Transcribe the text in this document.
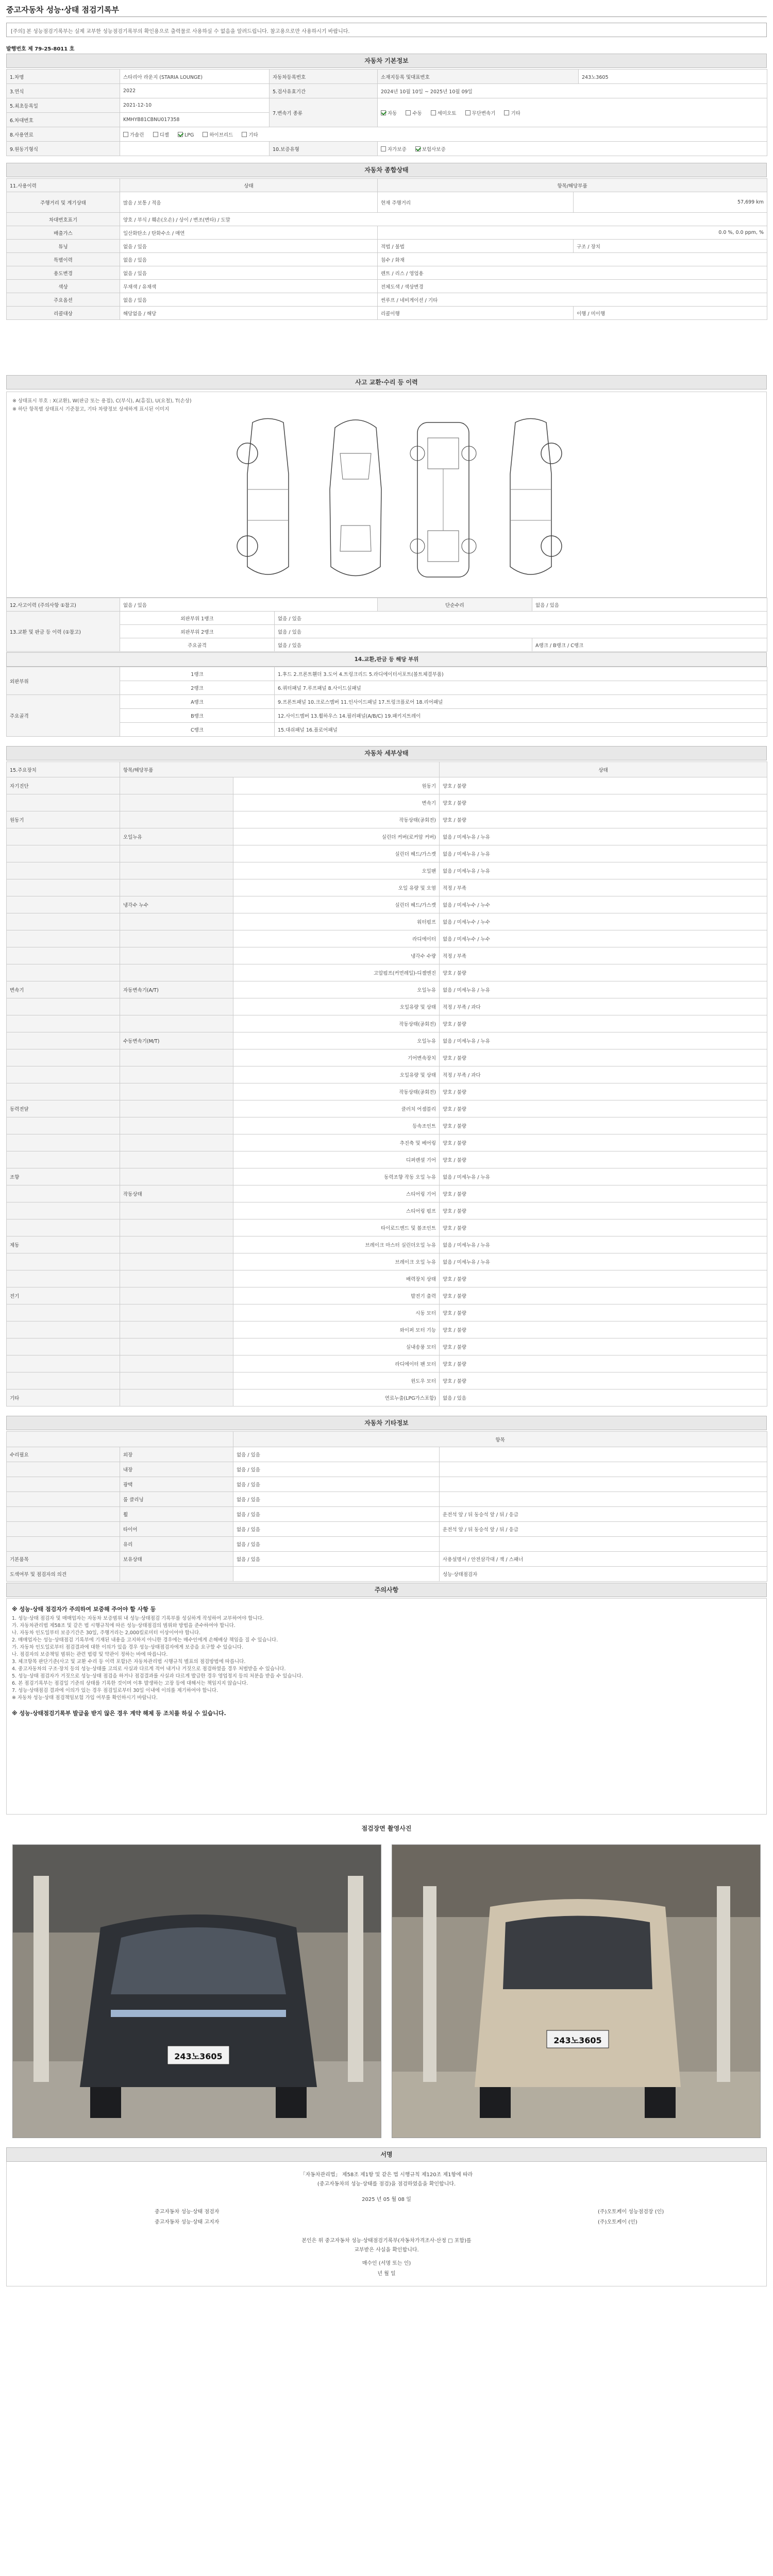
중고자동차 성능·상태 점검기록부
[주의] 본 성능점검기록부는 실제 교부한 성능점검기록부의 확인용으로 출력물로 사용하실 수 없음을 알려드립니다. 참고용으로만 사용하시기 바랍니다.
발행번호 제 79-25-8011 호
자동차 기본정보
1.차명	스타리아 라운지 (STARIA LOUNGE)	자동차등록번호	소재지등록 및대표번호	243노3605
3.연식	2022	5.검사유효기간	2024년 10월 10일 ~ 2025년 10월 09일	
5.최초등록일	2021-12-10	7.변속기 종류	자동 수동 세미오토 무단변속기 기타	
6.차대번호	KMHYB81CBNU017358			
8.사용연료	가솔린 디젤 LPG 하이브리드 기타			
9.원동기형식		10.보증유형	자가보증 보험사보증	
자동차 종합상태
11.사용이력	상태	항목/해당부품	
주행거리 및 계기상태	많음 / 보통 / 적음	현재 주행거리	57,699 km
차대번호표기	양호 / 부식 / 훼손(오손) / 상이 / 변조(변타) / 도말		
배출가스	일산화탄소 / 탄화수소 / 매연	0.0 %, 0.0 ppm, %	
튜닝	없음 / 있음	적법 / 불법	구조 / 장치
특별이력	없음 / 있음	침수 / 화재	
용도변경	없음 / 있음	렌트 / 리스 / 영업용	
색상	무채색 / 유채색	전체도색 / 색상변경	
주요옵션	없음 / 있음	썬루프 / 네비게이션 / 기타	
리콜대상	해당없음 / 해당	리콜이행	이행 / 미이행
사고 교환·수리 등 이력
※ 상태표시 부호 : X(교환), W(판금 또는 용접), C(부식), A(흠집), U(요철), T(손상)
※ 하단 항목별 상태표시 기준참고, 기타 차량정보 상세하게 표시된 이미지
12.사고이력 (주의사항 ①참고)	없음 / 있음		단순수리	없음 / 있음
13.교환 및 판금 등 이력 (①참고)	외판부위 1랭크	없음 / 있음		
	외판부위 2랭크	없음 / 있음		
	주요골격	없음 / 있음		A랭크 / B랭크 / C랭크
14.교환,판금 등 해당 부위
외판부위	1랭크	1.후드 2.프론트휀더 3.도어 4.트렁크리드 5.라디에이터서포트(볼트체결부품)
	2랭크	6.쿼터패널 7.루프패널 8.사이드실패널
주요골격	A랭크	9.프론트패널 10.크로스멤버 11.인사이드패널 17.트렁크플로어 18.리어패널
	B랭크	12.사이드멤버 13.휠하우스 14.필러패널(A/B/C) 19.패키지트레이
	C랭크	15.대쉬패널 16.플로어패널
자동차 세부상태
15.주요장치	항목/해당부품		상태
자기진단		원동기	양호 / 불량
		변속기	양호 / 불량
원동기		작동상태(공회전)	양호 / 불량
	오일누유	실린더 커버(로커암 커버)	없음 / 미세누유 / 누유
		실린더 헤드/가스켓	없음 / 미세누유 / 누유
		오일팬	없음 / 미세누유 / 누유
		오일 유량 및 오염	적정 / 부족
	냉각수 누수	실린더 헤드/가스켓	없음 / 미세누수 / 누수
		워터펌프	없음 / 미세누수 / 누수
		라디에이터	없음 / 미세누수 / 누수
		냉각수 수량	적정 / 부족
		고압펌프(커먼레일)-디젤엔진	양호 / 불량
변속기	자동변속기(A/T)	오일누유	없음 / 미세누유 / 누유
		오일유량 및 상태	적정 / 부족 / 과다
		작동상태(공회전)	양호 / 불량
	수동변속기(M/T)	오일누유	없음 / 미세누유 / 누유
		기어변속장치	양호 / 불량
		오일유량 및 상태	적정 / 부족 / 과다
		작동상태(공회전)	양호 / 불량
동력전달		클러치 어셈블리	양호 / 불량
		등속조인트	양호 / 불량
		추진축 및 베어링	양호 / 불량
		디퍼렌셜 기어	양호 / 불량
조향		동력조향 작동 오일 누유	없음 / 미세누유 / 누유
	작동상태	스티어링 기어	양호 / 불량
		스티어링 펌프	양호 / 불량
		타이로드엔드 및 볼조인트	양호 / 불량
제동		브레이크 마스터 실린더오일 누유	없음 / 미세누유 / 누유
		브레이크 오일 누유	없음 / 미세누유 / 누유
		배력장치 상태	양호 / 불량
전기		발전기 출력	양호 / 불량
		시동 모터	양호 / 불량
		와이퍼 모터 기능	양호 / 불량
		실내송풍 모터	양호 / 불량
		라디에이터 팬 모터	양호 / 불량
		윈도우 모터	양호 / 불량
기타		연료누출(LPG가스포함)	없음 / 있음
자동차 기타정보
		항목	
수리필요	외장	없음 / 있음	
	내장	없음 / 있음	
	광택	없음 / 있음	
	룸 클리닝	없음 / 있음	
	휠	없음 / 있음	운전석 앞 / 뒤 동승석 앞 / 뒤 / 응급
	타이어	없음 / 있음	운전석 앞 / 뒤 동승석 앞 / 뒤 / 응급
	유리	없음 / 있음	
기본품목	보유상태	없음 / 있음	사용설명서 / 안전삼각대 / 잭 / 스패너
도색여부 및 점검자의 의견			성능·상태점검자
주의사항
※ 성능·상태 점검자가 주의하여 보증해 주어야 할 사항 등
1. 성능·상태 점검자 및 매매업자는 자동차 보증범위 내 성능·상태점검 기록부를 성실하게 작성하여 교부하여야 합니다.
가. 자동차관리법 제58조 및 같은 법 시행규칙에 따른 성능·상태점검의 범위와 방법을 준수하여야 합니다.
나. 자동차 인도일부터 보증기간은 30일, 주행거리는 2,000킬로미터 이상이어야 합니다.
2. 매매업자는 성능·상태점검 기록부에 기재된 내용을 고지하지 아니한 경우에는 매수인에게 손해배상 책임을 질 수 있습니다.
가. 자동차 인도일로부터 점검결과에 대한 이의가 있을 경우 성능·상태점검자에게 보증을 요구할 수 있습니다.
나. 점검자의 보증책임 범위는 관련 법령 및 약관이 정하는 바에 따릅니다.
3. 체크항목 판단기준(사고 및 교환 수리 등 이력 포함)은 자동차관리법 시행규칙 별표의 점검방법에 따릅니다.
4. 중고자동차의 구조·장치 등의 성능·상태를 고의로 사실과 다르게 적어 내거나 거짓으로 점검하였을 경우 처벌받을 수 있습니다.
5. 성능·상태 점검자가 거짓으로 성능·상태 점검을 하거나 점검결과를 사실과 다르게 발급한 경우 영업정지 등의 처분을 받을 수 있습니다.
6. 본 점검기록부는 점검일 기준의 상태를 기록한 것이며 이후 발생하는 고장 등에 대해서는 책임지지 않습니다.
7. 성능·상태점검 결과에 이의가 있는 경우 점검일로부터 30일 이내에 이의를 제기하여야 합니다.
※ 자동차 성능·상태 점검책임보험 가입 여부를 확인하시기 바랍니다.
※ 성능·상태점검기록부 발급을 받지 않은 경우 계약 해제 등 조치를 하실 수 있습니다.
점검장면 촬영사진
243노3605
243노3605
서명
「자동차관리법」 제58조 제1항 및 같은 법 시행규칙 제120조 제1항에 따라
(중고자동차의 성능·상태를 점검)을 점검하였음을 확인합니다.
2025 년 05 월 08 일
중고자동차 성능·상태 점검자	(주)오토케이 성능점검장 (인)
중고자동차 성능·상태 고지자	(주)오토케이 (인)
본인은 위 중고자동차 성능·상태점검기록부(자동차가격조사·산정 □ 포함)를
교부받은 사실을 확인합니다.
매수인 (서명 또는 인)
년 월 일
